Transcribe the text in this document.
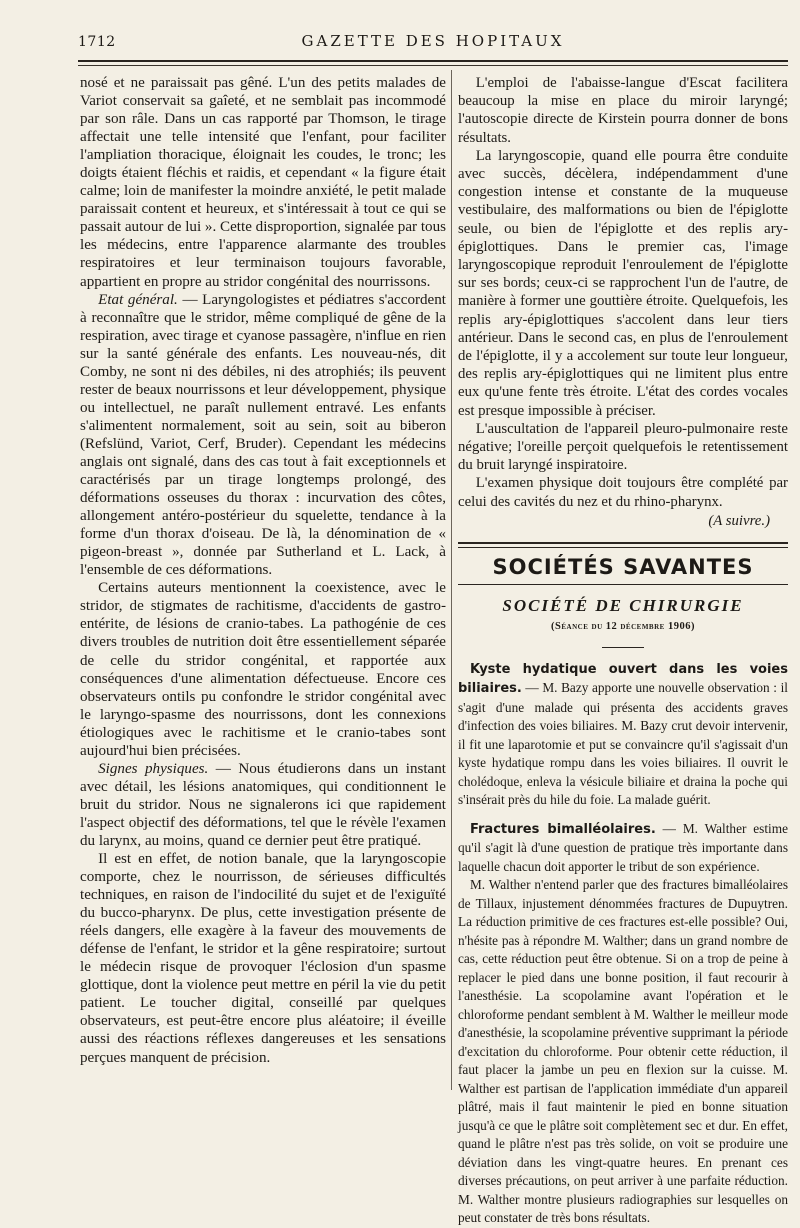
1712	GAZETTE DES HOPITAUX

nosé et ne paraissait pas gêné. L'un des petits malades de Variot conservait sa gaîeté, et ne semblait pas incommodé par son râle. Dans un cas rapporté par Thomson, le tirage affectait une telle intensité que l'enfant, pour faciliter l'ampliation thoracique, éloignait les coudes, le tronc; les doigts étaient fléchis et raidis, et cependant « la figure était calme; loin de manifester la moindre anxiété, le petit malade paraissait content et heureux, et s'intéressait à tout ce qui se passait autour de lui ». Cette disproportion, signalée par tous les médecins, entre l'apparence alarmante des troubles respiratoires et leur terminaison toujours favorable, appartient en propre au stridor congénital des nourrissons.

Etat général. — Laryngologistes et pédiatres s'accordent à reconnaître que le stridor, même compliqué de gêne de la respiration, avec tirage et cyanose passagère, n'influe en rien sur la santé générale des enfants. Les nouveau-nés, dit Comby, ne sont ni des débiles, ni des atrophiés; ils peuvent rester de beaux nourrissons et leur développement, physique ou intellectuel, ne paraît nullement entravé. Les enfants s'alimentent normalement, soit au sein, soit au biberon (Refslünd, Variot, Cerf, Bruder). Cependant les médecins anglais ont signalé, dans des cas tout à fait exceptionnels et caractérisés par un tirage longtemps prolongé, des déformations osseuses du thorax : incurvation des côtes, allongement antéro-postérieur du squelette, tendance à la forme d'un thorax d'oiseau. De là, la dénomination de « pigeon-breast », donnée par Sutherland et L. Lack, à l'ensemble de ces déformations.

Certains auteurs mentionnent la coexistence, avec le stridor, de stigmates de rachitisme, d'accidents de gastro-entérite, de lésions de cranio-tabes. La pathogénie de ces divers troubles de nutrition doit être essentiellement séparée de celle du stridor congénital, et rapportée aux conséquences d'une alimentation défectueuse. Encore ces observateurs ontils pu confondre le stridor congénital avec le laryngo-spasme des nourrissons, dont les connexions étiologiques avec le rachitisme et le cranio-tabes sont aujourd'hui bien précisées.

Signes physiques. — Nous étudierons dans un instant avec détail, les lésions anatomiques, qui conditionnent le bruit du stridor. Nous ne signalerons ici que rapidement l'aspect objectif des déformations, tel que le révèle l'examen du larynx, au moins, quand ce dernier peut être pratiqué.

Il est en effet, de notion banale, que la laryngoscopie comporte, chez le nourrisson, de sérieuses difficultés techniques, en raison de l'indocilité du sujet et de l'exiguïté du bucco-pharynx. De plus, cette investigation présente de réels dangers, elle exagère à la faveur des mouvements de défense de l'enfant, le stridor et la gêne respiratoire; surtout le médecin risque de provoquer l'éclosion d'un spasme glottique, dont la violence peut mettre en péril la vie du petit patient. Le toucher digital, conseillé par quelques observateurs, est peut-être encore plus aléatoire; il éveille aussi des réactions réflexes dangereuses et les sensations perçues manquent de précision.

L'emploi de l'abaisse-langue d'Escat facilitera beaucoup la mise en place du miroir laryngé; l'autoscopie directe de Kirstein pourra donner de bons résultats.

La laryngoscopie, quand elle pourra être conduite avec succès, décèlera, indépendamment d'une congestion intense et constante de la muqueuse vestibulaire, des malformations ou bien de l'épiglotte seule, ou bien de l'épiglotte et des replis ary-épiglottiques. Dans le premier cas, l'image laryngoscopique reproduit l'enroulement de l'épiglotte sur ses bords; ceux-ci se rapprochent l'un de l'autre, de manière à former une gouttière étroite. Quelquefois, les replis ary-épiglottiques s'accolent dans leur tiers antérieur. Dans le second cas, en plus de l'enroulement de l'épiglotte, il y a accolement sur toute leur longueur, des replis ary-épiglottiques qui ne limitent plus entre eux qu'une fente très étroite. L'état des cordes vocales est presque impossible à préciser.

L'auscultation de l'appareil pleuro-pulmonaire reste négative; l'oreille perçoit quelquefois le retentissement du bruit laryngé inspiratoire.

L'examen physique doit toujours être complété par celui des cavités du nez et du rhino-pharynx.

(A suivre.)
SOCIÉTÉS SAVANTES
SOCIÉTÉ DE CHIRURGIE
(Séance du 12 décembre 1906)

Kyste hydatique ouvert dans les voies biliaires. — M. Bazy apporte une nouvelle observation : il s'agit d'une malade qui présenta des accidents graves d'infection des voies biliaires. M. Bazy crut devoir intervenir, il fit une laparotomie et put se convaincre qu'il s'agissait d'un kyste hydatique rompu dans les voies biliaires. Il ouvrit le cholédoque, enleva la vésicule biliaire et draina la poche qui s'insérait près du hile du foie. La malade guérit.

Fractures bimalléolaires. — M. Walther estime qu'il s'agit là d'une question de pratique très importante dans laquelle chacun doit apporter le tribut de son expérience.

M. Walther n'entend parler que des fractures bimalléolaires de Tillaux, injustement dénommées fractures de Dupuytren. La réduction primitive de ces fractures est-elle possible? Oui, n'hésite pas à répondre M. Walther; dans un grand nombre de cas, cette réduction peut être obtenue. Si on a trop de peine à replacer le pied dans une bonne position, il faut recourir à l'anesthésie. La scopolamine avant l'opération et le chloroforme pendant semblent à M. Walther le meilleur mode d'anesthésie, la scopolamine préventive supprimant la période d'excitation du chloroforme. Pour obtenir cette réduction, il faut placer la jambe un peu en flexion sur la cuisse. M. Walther est partisan de l'application immédiate d'un appareil plâtré, mais il faut maintenir le pied en bonne situation jusqu'à ce que le plâtre soit complètement sec et dur. En effet, quand le plâtre n'est pas très solide, on voit se produire une déviation dans les vingt-quatre heures. En prenant ces diverses précautions, on peut arriver à une parfaite réduction. M. Walther montre plusieurs radiographies sur lesquelles on peut constater de très bons résultats.
